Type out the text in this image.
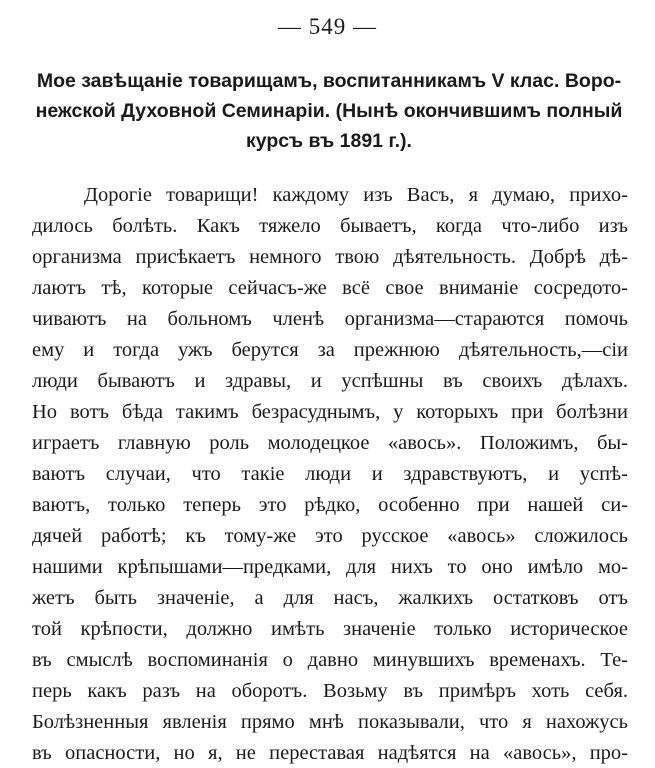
— 549 —
Мое завѣщаніе товарищамъ, воспитанникамъ V клас. Воро-
нежской Духовной Семинаріи. (Нынѣ окончившимъ полный
курсъ въ 1891 г.).
Дорогіе товарищи! каждому изъ Васъ, я думаю, прихо-
дилось болѣть. Какъ тяжело бываетъ, когда что-либо изъ
организма присѣкаетъ немного твою дѣятельность. Добрѣ дѣ-
лаютъ тѣ, которые сейчасъ-же всё свое вниманіе сосредото-
чиваютъ на больномъ членѣ организма—стараются помочь
ему и тогда ужъ берутся за прежнюю дѣятельность,—сіи
люди бываютъ и здравы, и успѣшны въ своихъ дѣлахъ.
Но вотъ бѣда такимъ безрасуднымъ, у которыхъ при болѣзни
играетъ главную роль молодецкое «авось». Положимъ, бы-
ваютъ случаи, что такіе люди и здравствуютъ, и успѣ-
ваютъ, только теперь это рѣдко, особенно при нашей си-
дячей работѣ; къ тому-же это русское «авось» сложилось
нашими крѣпышами—предками, для нихъ то оно имѣло мо-
жетъ быть значеніе, а для насъ, жалкихъ остатковъ отъ
той крѣпости, должно имѣть значеніе только историческое
въ смыслѣ воспоминанія о давно минувшихъ временахъ. Те-
перь какъ разъ на оборотъ. Возьму въ примѣръ хоть себя.
Болѣзненныя явленія прямо мнѣ показывали, что я нахожусь
въ опасности, но я, не переставая надѣятся на «авось», про-
